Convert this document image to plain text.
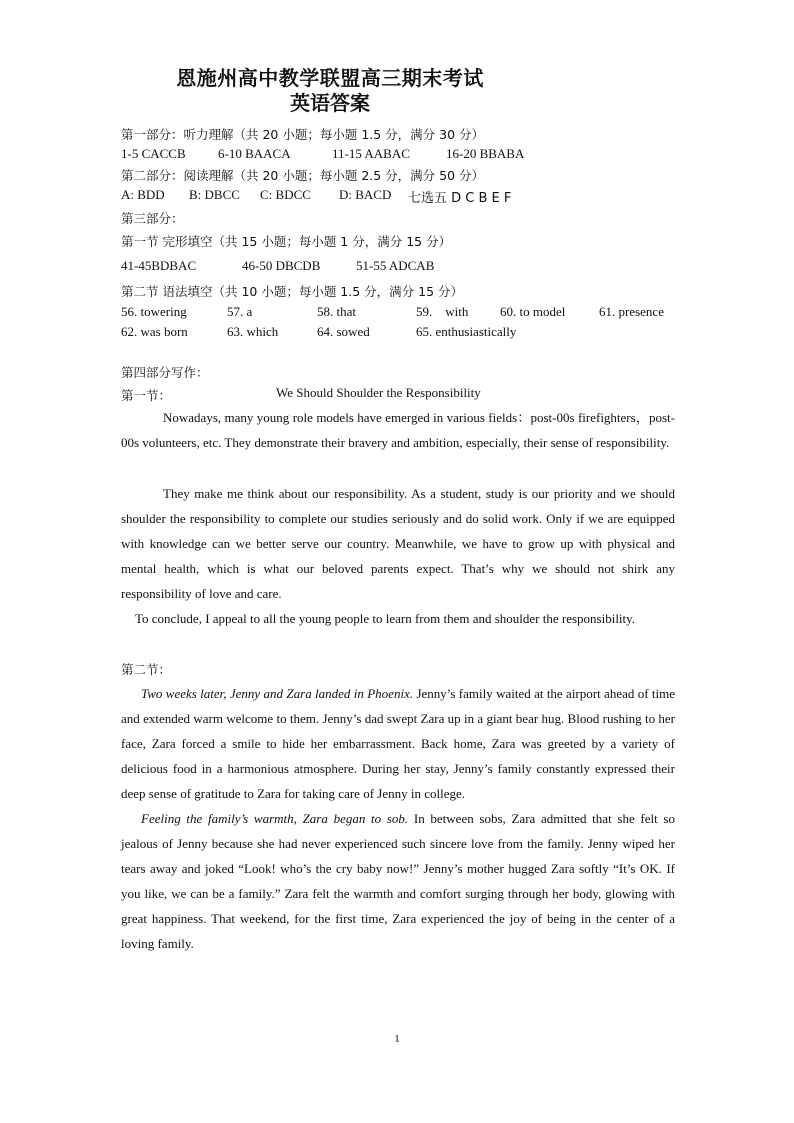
恩施州高中教学联盟高三期末考试
英语答案
第一部分：听力理解（共 20 小题；每小题 1.5 分，满分 30 分）
1-5 CACCB 6-10 BAACA	11-15 AABAC	16-20 BBABA
第二部分：阅读理解（共 20 小题；每小题 2.5 分，满分 50 分）
A: BDD B: DBCC C: BDCC D: BACD 七选五 D C B E F
第三部分：
第一节 完形填空（共 15 小题；每小题 1 分，满分 15 分）
41-45BDBAC	46-50 DBCDB	51-55 ADCAB
第二节 语法填空（共 10 小题；每小题 1.5 分，满分 15 分）
56. towering	57. a	58. that	59.    with 60. to model	61. presence
62. was born	63. which	64. sowed	65. enthusiastically
第四部分写作：
第一节：	We Should Shoulder the Responsibility

Nowadays, many young role models have emerged in various fields：post-00s firefighters，post-00s volunteers, etc. They demonstrate their bravery and ambition, especially, their sense of responsibility.

They make me think about our responsibility. As a student, study is our priority and we should shoulder the responsibility to complete our studies seriously and do solid work. Only if we are equipped with knowledge can we better serve our country. Meanwhile, we have to grow up with physical and mental health, which is what our beloved parents expect. That’s why we should not shirk any responsibility of love and care.

To conclude, I appeal to all the young people to learn from them and shoulder the responsibility.

第二节：

Two weeks later, Jenny and Zara landed in Phoenix. Jenny’s family waited at the airport ahead of time and extended warm welcome to them. Jenny’s dad swept Zara up in a giant bear hug. Blood rushing to her face, Zara forced a smile to hide her embarrassment. Back home, Zara was greeted by a variety of delicious food in a harmonious atmosphere. During her stay, Jenny’s family constantly expressed their deep sense of gratitude to Zara for taking care of Jenny in college.

Feeling the family’s warmth, Zara began to sob. In between sobs, Zara admitted that she felt so jealous of Jenny because she had never experienced such sincere love from the family. Jenny wiped her tears away and joked “Look! who’s the cry baby now!” Jenny’s mother hugged Zara softly “It’s OK. If you like, we can be a family.” Zara felt the warmth and comfort surging through her body, glowing with great happiness. That weekend, for the first time, Zara experienced the joy of being in the center of a loving family.

1
